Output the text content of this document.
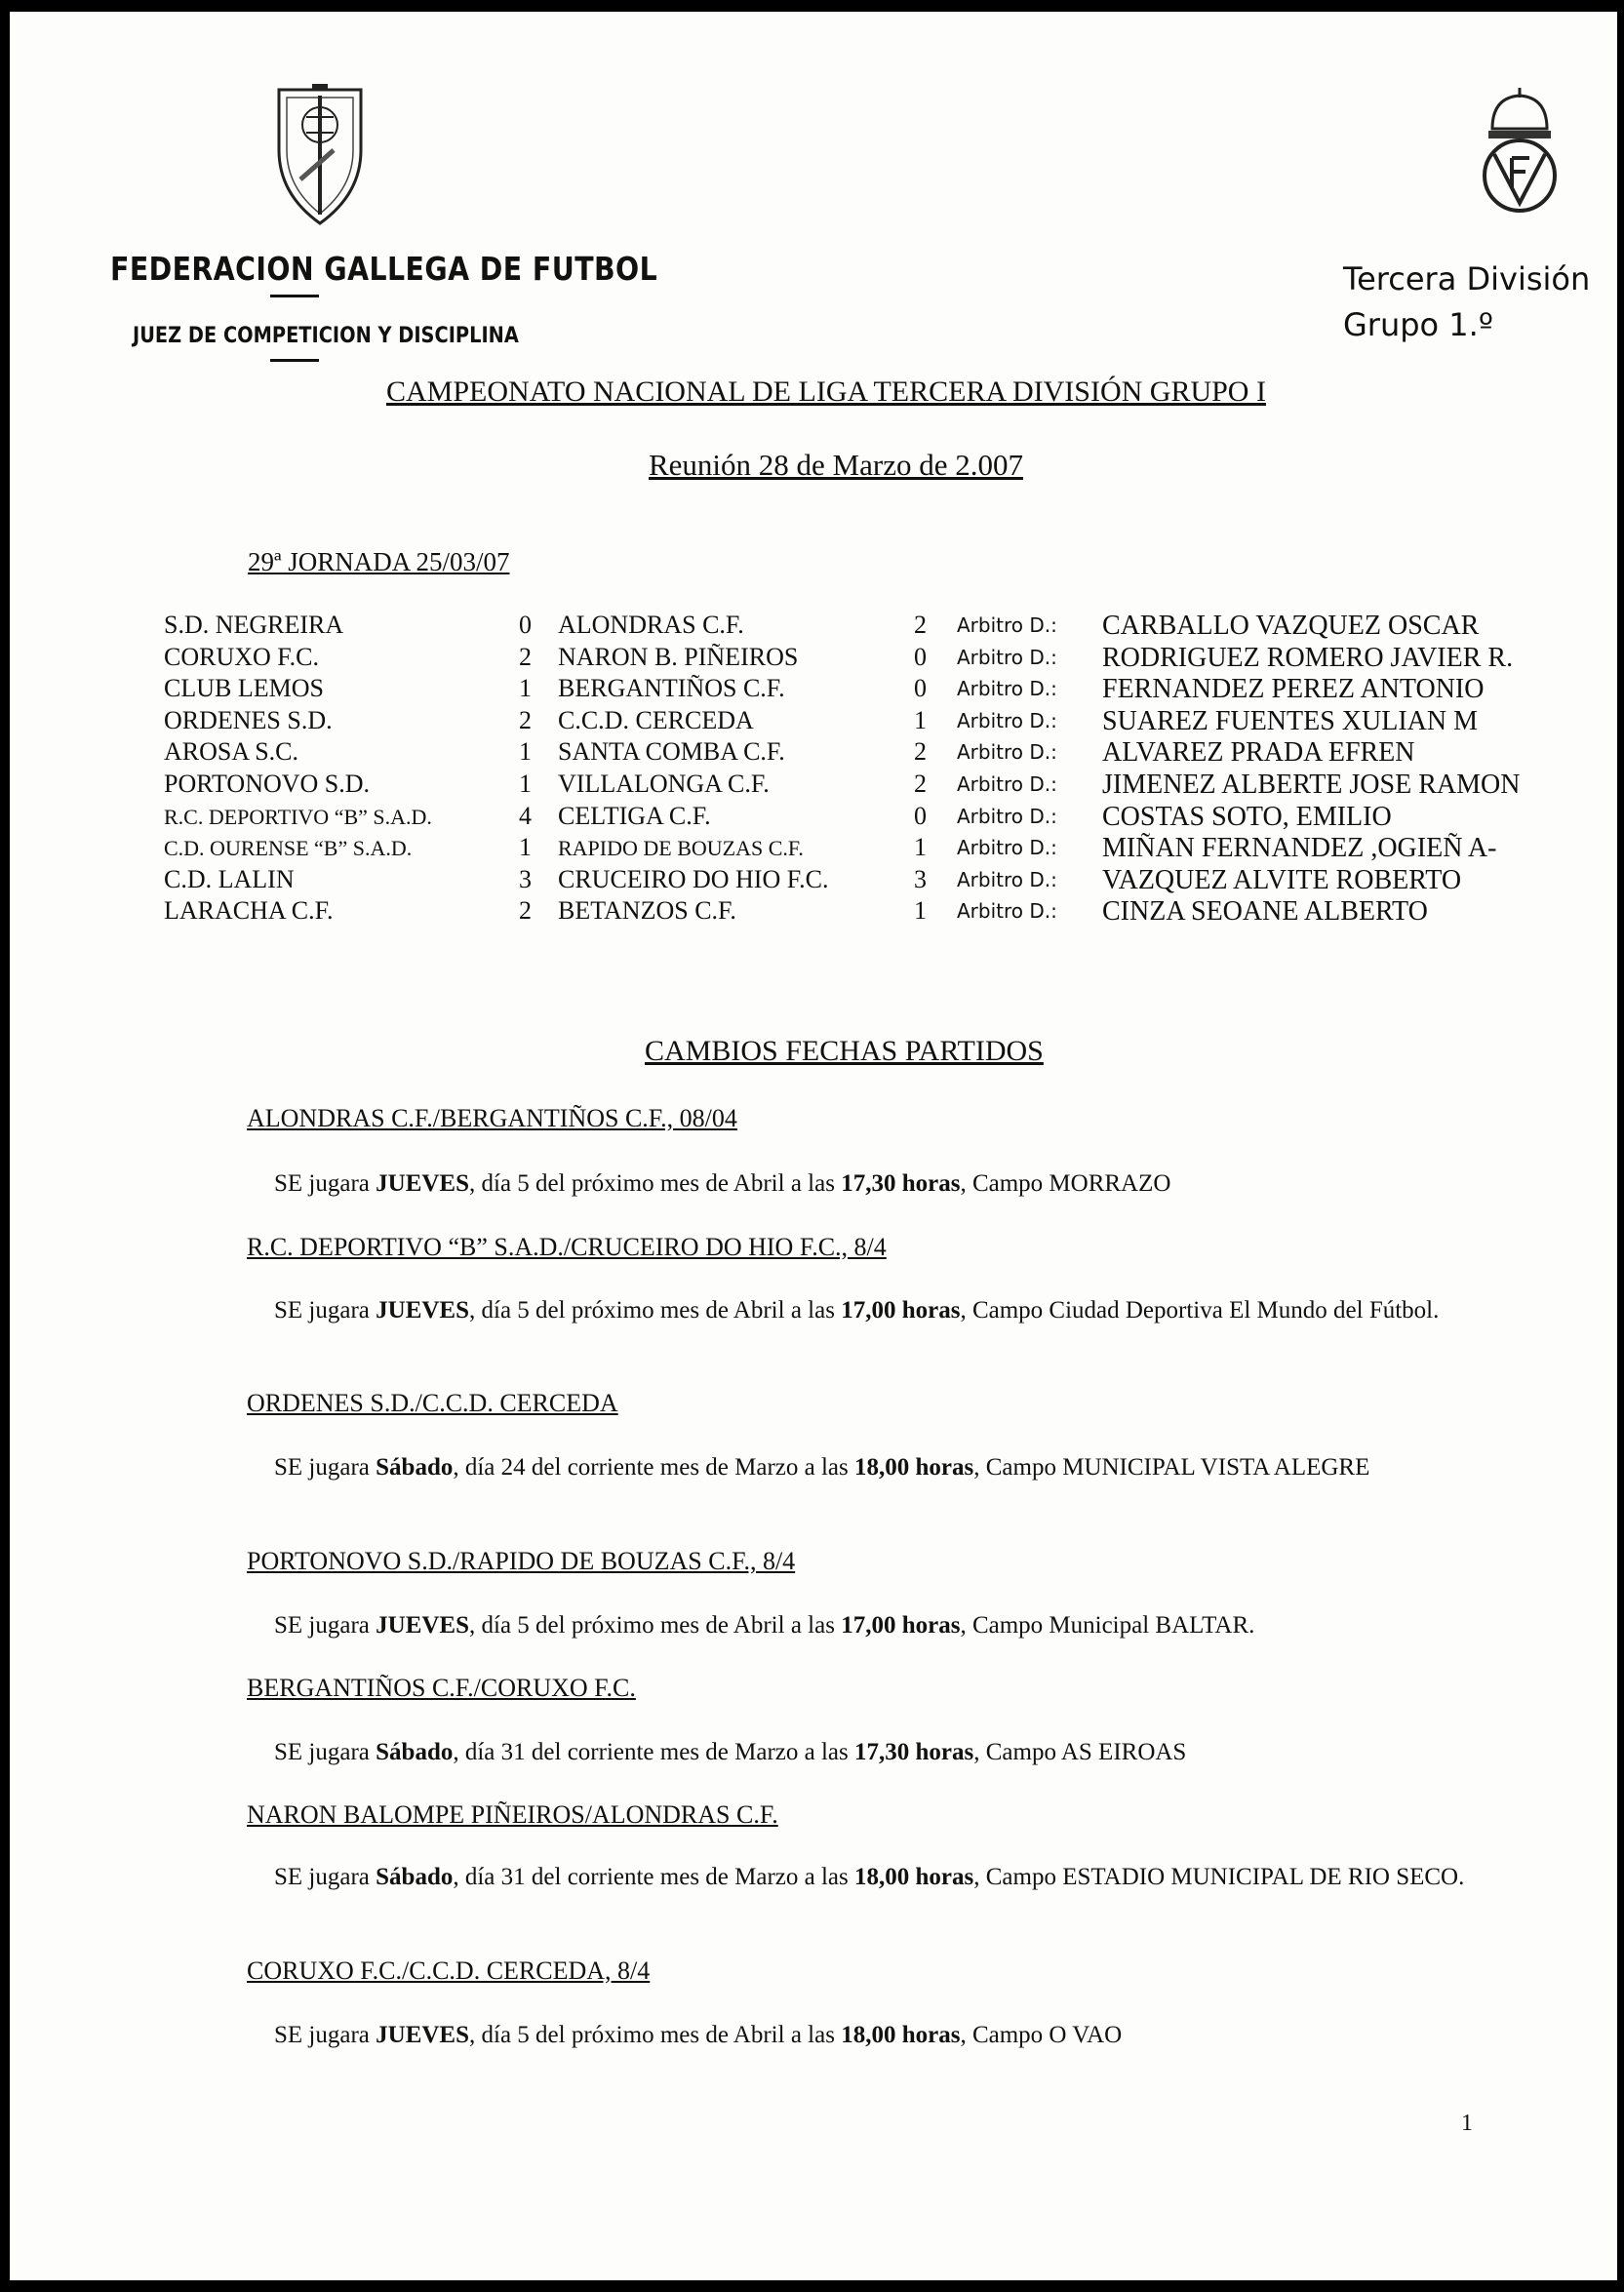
FEDERACION GALLEGA DE FUTBOL
JUEZ DE COMPETICION Y DISCIPLINA
Tercera División
Grupo 1.º
CAMPEONATO NACIONAL DE LIGA TERCERA DIVISIÓN GRUPO I
Reunión 28 de Marzo de 2.007
29ª JORNADA 25/03/07
S.D. NEGREIRA	0 ALONDRAS C.F.	2 Arbitro D.: CARBALLO VAZQUEZ OSCAR
CORUXO F.C.	2 NARON B. PIÑEIROS	0 Arbitro D.: RODRIGUEZ ROMERO JAVIER R.
CLUB LEMOS	1 BERGANTIÑOS C.F.	0 Arbitro D.: FERNANDEZ PEREZ ANTONIO
ORDENES S.D.	2 C.C.D. CERCEDA	1 Arbitro D.: SUAREZ FUENTES XULIAN M
AROSA S.C.	1 SANTA COMBA C.F.	2 Arbitro D.: ALVAREZ PRADA EFREN
PORTONOVO S.D.	1 VILLALONGA C.F.	2 Arbitro D.: JIMENEZ ALBERTE JOSE RAMON
R.C. DEPORTIVO “B” S.A.D.	4 CELTIGA C.F.	0 Arbitro D.: COSTAS SOTO, EMILIO
C.D. OURENSE “B” S.A.D.	1 RAPIDO DE BOUZAS C.F.	1 Arbitro D.: MIÑAN FERNANDEZ ,OGIEÑ A-
C.D. LALIN	3 CRUCEIRO DO HIO F.C.	3 Arbitro D.: VAZQUEZ ALVITE ROBERTO
LARACHA C.F.	2 BETANZOS C.F.	1 Arbitro D.: CINZA SEOANE ALBERTO
CAMBIOS FECHAS PARTIDOS
ALONDRAS C.F./BERGANTIÑOS C.F., 08/04
SE jugara JUEVES, día 5 del próximo mes de Abril a las 17,30 horas, Campo MORRAZO
R.C. DEPORTIVO “B” S.A.D./CRUCEIRO DO HIO F.C., 8/4
SE jugara JUEVES, día 5 del próximo mes de Abril a las 17,00 horas, Campo Ciudad Deportiva El Mundo del Fútbol.
ORDENES S.D./C.C.D. CERCEDA
SE jugara Sábado, día 24 del corriente mes de Marzo a las 18,00 horas, Campo MUNICIPAL VISTA ALEGRE
PORTONOVO S.D./RAPIDO DE BOUZAS C.F., 8/4
SE jugara JUEVES, día 5 del próximo mes de Abril a las 17,00 horas, Campo Municipal BALTAR.
BERGANTIÑOS C.F./CORUXO F.C.
SE jugara Sábado, día 31 del corriente mes de Marzo a las 17,30 horas, Campo AS EIROAS
NARON BALOMPE PIÑEIROS/ALONDRAS C.F.
SE jugara Sábado, día 31 del corriente mes de Marzo a las 18,00 horas, Campo ESTADIO MUNICIPAL DE RIO SECO.
CORUXO F.C./C.C.D. CERCEDA, 8/4
SE jugara JUEVES, día 5 del próximo mes de Abril a las 18,00 horas, Campo O VAO
1
